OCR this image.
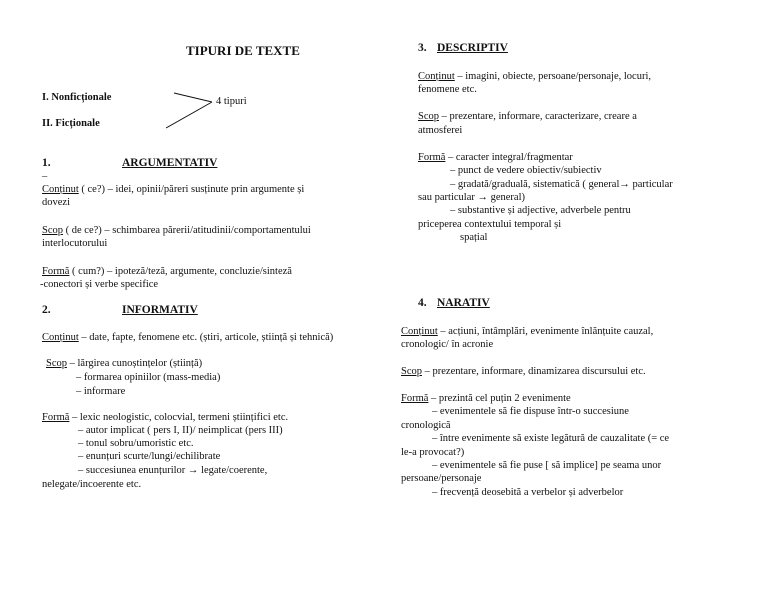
TIPURI DE TEXTE
I. Nonficționale
II. Ficționale
4 tipuri
1.	ARGUMENTATIV
–
Conținut ( ce?) – idei, opinii/păreri susținute prin argumente și
dovezi
Scop ( de ce?) – schimbarea părerii/atitudinii/comportamentului
interlocutorului
Formă ( cum?) – ipoteză/teză, argumente, concluzie/sinteză
-conectori și verbe specifice
2.	INFORMATIV
Conținut – date, fapte, fenomene etc. (știri, articole, știință și tehnică)
Scop – lărgirea cunoștințelor (știință)
– formarea opiniilor (mass-media)
– informare
Formă – lexic neologistic, colocvial, termeni științifici etc.
– autor implicat ( pers I, II)/ neimplicat (pers III)
– tonul sobru/umoristic etc.
– enunțuri scurte/lungi/echilibrate
– succesiunea enunțurilor → legate/coerente,
nelegate/incoerente etc.
3. DESCRIPTIV
Conținut – imagini, obiecte, persoane/personaje, locuri,
fenomene etc.
Scop – prezentare, informare, caracterizare, creare a
atmosferei
Formă – caracter integral/fragmentar
– punct de vedere obiectiv/subiectiv
– gradată/graduală, sistematică ( general→ particular
sau particular → general)
– substantive și adjective, adverbele pentru
priceperea contextului temporal și
spațial
4. NARATIV
Conținut – acțiuni, întâmplări, evenimente înlănțuite cauzal,
cronologic/ în acronie
Scop – prezentare, informare, dinamizarea discursului etc.
Formă – prezintă cel puțin 2 evenimente
– evenimentele să fie dispuse într-o succesiune
cronologică
– între evenimente să existe legătură de cauzalitate (= ce
le-a provocat?)
– evenimentele să fie puse [ să implice] pe seama unor
persoane/personaje
– frecvență deosebită a verbelor și adverbelor
